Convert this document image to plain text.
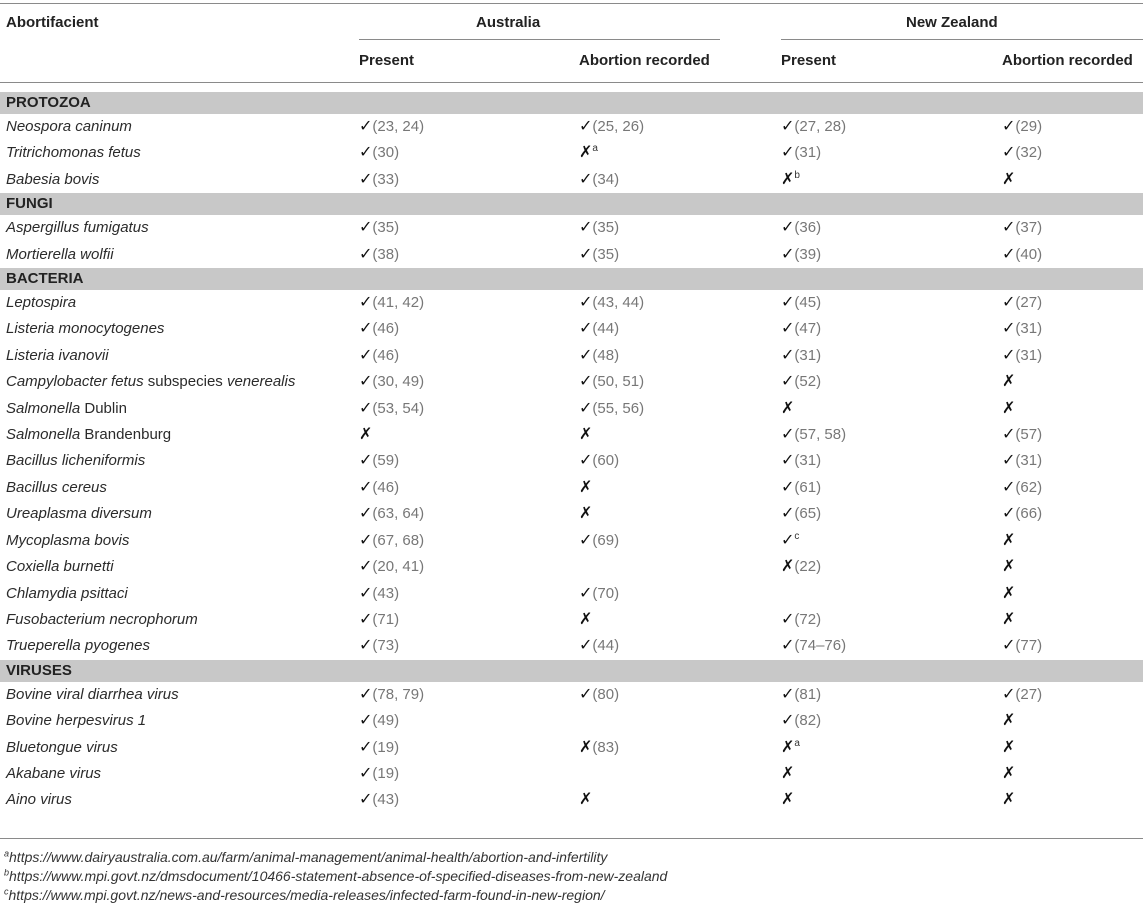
Abortifacient	Australia	New Zealand
Present	Abortion recorded	Present	Abortion recorded
PROTOZOA				
Neospora caninum	✓(23, 24)	✓(25, 26)	✓(27, 28)	✓(29)
Tritrichomonas fetus	✓(30)	✗$^a$	✓(31)	✓(32)
Babesia bovis	✓(33)	✓(34)	✗$^b$	✗
FUNGI				
Aspergillus fumigatus	✓(35)	✓(35)	✓(36)	✓(37)
Mortierella wolfii	✓(38)	✓(35)	✓(39)	✓(40)
BACTERIA				
Leptospira	✓(41, 42)	✓(43, 44)	✓(45)	✓(27)
Listeria monocytogenes	✓(46)	✓(44)	✓(47)	✓(31)
Listeria ivanovii	✓(46)	✓(48)	✓(31)	✓(31)
Campylobacter fetus subspecies venerealis	✓(30, 49)	✓(50, 51)	✓(52)	✗
Salmonella Dublin	✓(53, 54)	✓(55, 56)	✗	✗
Salmonella Brandenburg	✗	✗	✓(57, 58)	✓(57)
Bacillus licheniformis	✓(59)	✓(60)	✓(31)	✓(31)
Bacillus cereus	✓(46)	✗	✓(61)	✓(62)
Ureaplasma diversum	✓(63, 64)	✗	✓(65)	✓(66)
Mycoplasma bovis	✓(67, 68)	✓(69)	✓$^c$	✗
Coxiella burnetti	✓(20, 41)		✗(22)	✗
Chlamydia psittaci	✓(43)	✓(70)		✗
Fusobacterium necrophorum	✓(71)	✗	✓(72)	✗
Trueperella pyogenes	✓(73)	✓(44)	✓(74–76)	✓(77)
VIRUSES				
Bovine viral diarrhea virus	✓(78, 79)	✓(80)	✓(81)	✓(27)
Bovine herpesvirus 1	✓(49)		✓(82)	✗
Bluetongue virus	✓(19)	✗(83)	✗$^a$	✗
Akabane virus	✓(19)		✗	✗
Aino virus	✓(43)	✗	✗	✗
$^a$https://www.dairyaustralia.com.au/farm/animal-management/animal-health/abortion-and-infertility
$^b$https://www.mpi.govt.nz/dmsdocument/10466-statement-absence-of-specified-diseases-from-new-zealand
$^c$https://www.mpi.govt.nz/news-and-resources/media-releases/infected-farm-found-in-new-region/
